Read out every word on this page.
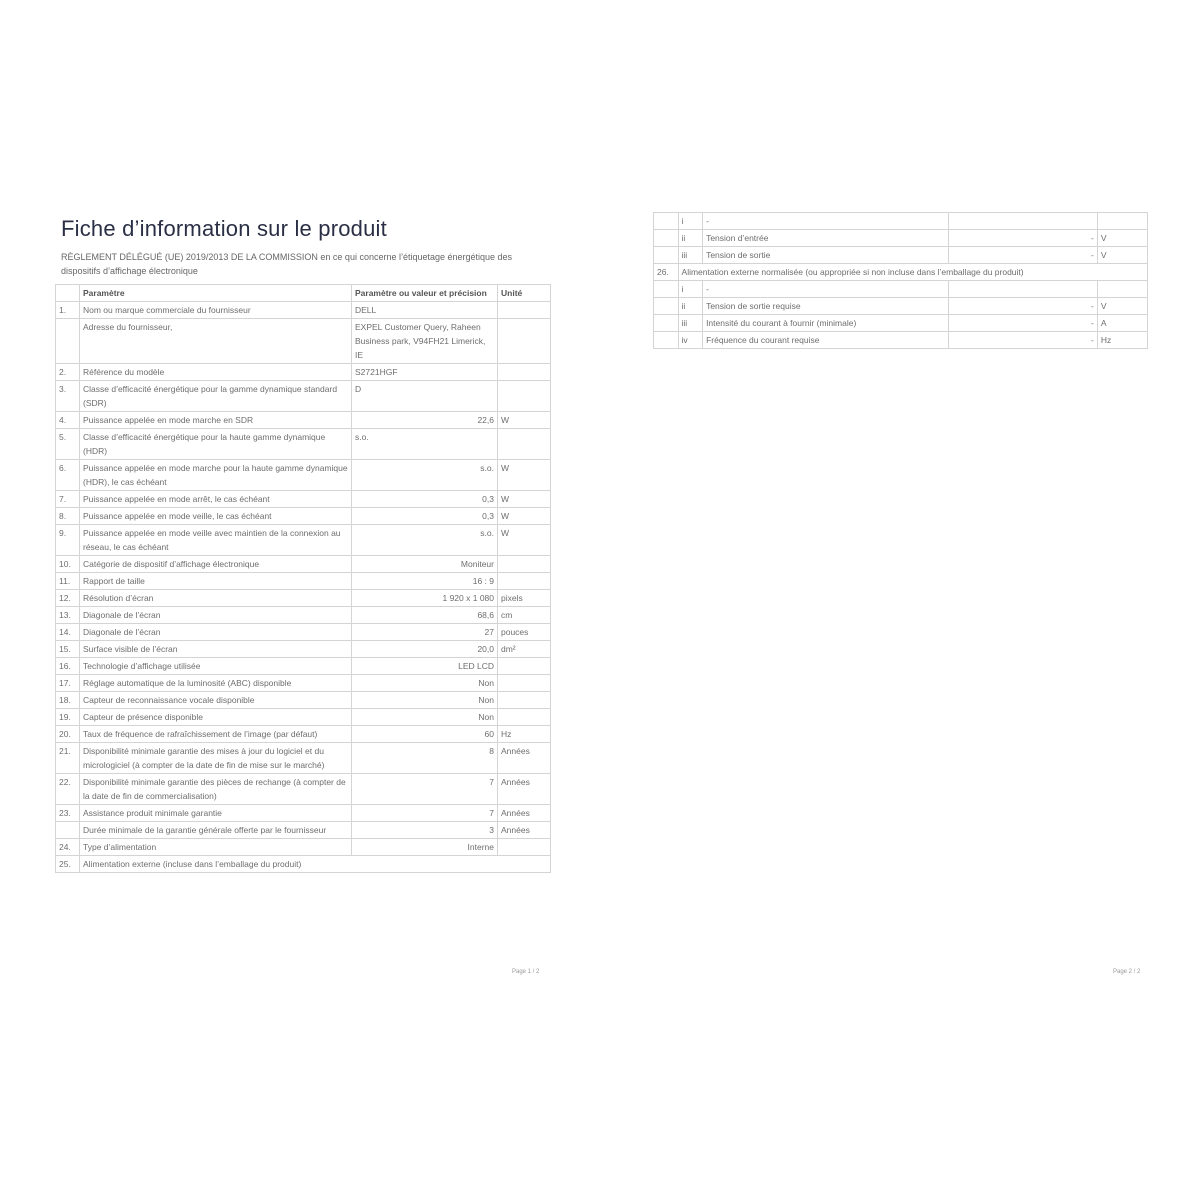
Fiche d’information sur le produit
RÈGLEMENT DÉLÉGUÉ (UE) 2019/2013 DE LA COMMISSION en ce qui concerne l’étiquetage énergétique des dispositifs d’affichage électronique
	Paramètre	Paramètre ou valeur et précision	Unité
1.	Nom ou marque commerciale du fournisseur	DELL	
	Adresse du fournisseur,	EXPEL Customer Query, Raheen Business park, V94FH21 Limerick, IE	
2.	Référence du modèle	S2721HGF	
3.	Classe d’efficacité énergétique pour la gamme dynamique standard (SDR)	D	
4.	Puissance appelée en mode marche en SDR	22,6	W
5.	Classe d’efficacité énergétique pour la haute gamme dynamique (HDR)	s.o.	
6.	Puissance appelée en mode marche pour la haute gamme dynamique (HDR), le cas échéant	s.o.	W
7.	Puissance appelée en mode arrêt, le cas échéant	0,3	W
8.	Puissance appelée en mode veille, le cas échéant	0,3	W
9.	Puissance appelée en mode veille avec maintien de la connexion au réseau, le cas échéant	s.o.	W
10.	Catégorie de dispositif d’affichage électronique	Moniteur	
11.	Rapport de taille	16 : 9	
12.	Résolution d’écran	1 920 x 1 080	pixels
13.	Diagonale de l’écran	68,6	cm
14.	Diagonale de l’écran	27	pouces
15.	Surface visible de l’écran	20,0	dm²
16.	Technologie d’affichage utilisée	LED LCD	
17.	Réglage automatique de la luminosité (ABC) disponible	Non	
18.	Capteur de reconnaissance vocale disponible	Non	
19.	Capteur de présence disponible	Non	
20.	Taux de fréquence de rafraîchissement de l’image (par défaut)	60	Hz
21.	Disponibilité minimale garantie des mises à jour du logiciel et du micrologiciel (à compter de la date de fin de mise sur le marché)	8	Années
22.	Disponibilité minimale garantie des pièces de rechange (à compter de la date de fin de commercialisation)	7	Années
23.	Assistance produit minimale garantie	7	Années
	Durée minimale de la garantie générale offerte par le fournisseur	3	Années
24.	Type d’alimentation	Interne	
25.	Alimentation externe (incluse dans l’emballage du produit)		
Page 1 / 2
	i	-		
	ii	Tension d’entrée	-	V
	iii	Tension de sortie	-	V
26.	Alimentation externe normalisée (ou appropriée si non incluse dans l’emballage du produit)			
	i	-		
	ii	Tension de sortie requise	-	V
	iii	Intensité du courant à fournir (minimale)	-	A
	iv	Fréquence du courant requise	-	Hz
Page 2 / 2
